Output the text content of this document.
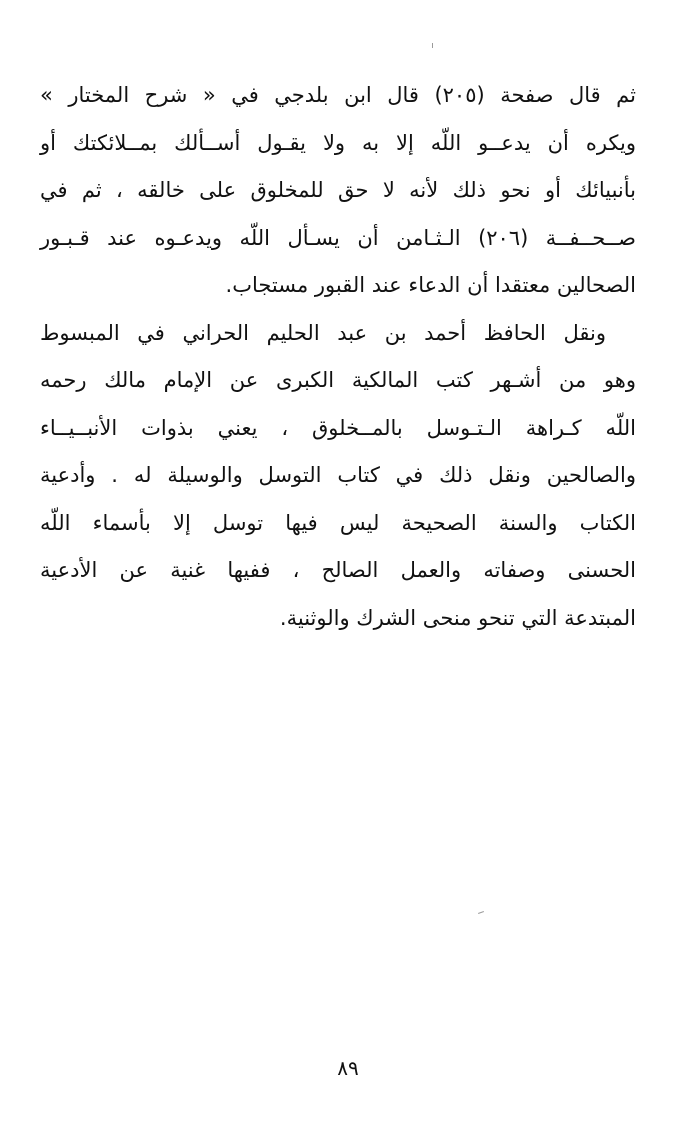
ثم قال صفحة (٢٠٥) قال ابن بلدجي في « شرح المختار »
ويكره أن يدعــو اللّه إلا به ولا يقـول أســألك بمــلائكتك أو
بأنبيائك أو نحو ذلك لأنه لا حق للمخلوق على خالقه ، ثم في
صــحــفــة (٢٠٦) الـثـامن أن يسـأل اللّه ويدعـوه عند قـبـور
الصحالين معتقدا أن الدعاء عند القبور مستجاب.
ونقل الحافظ أحمد بن عبد الحليم الحراني في المبسوط
وهو من أشـهر كتب المالكية الكبرى عن الإمام مالك رحمه
اللّه كـراهة الـتـوسل بالمــخلوق ، يعني بذوات الأنبــيــاء
والصالحين ونقل ذلك في كتاب التوسل والوسيلة له . وأدعية
الكتاب والسنة الصحيحة ليس فيها توسل إلا بأسماء اللّه
الحسنى وصفاته والعمل الصالح ، ففيها غنية عن الأدعية
المبتدعة التي تنحو منحى الشرك والوثنية.
٨٩
